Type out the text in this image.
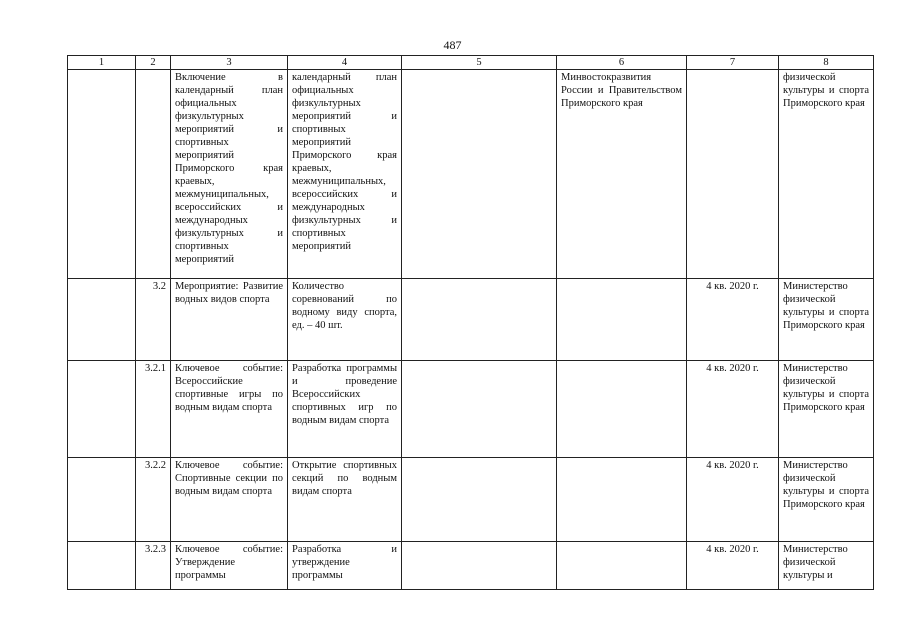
487
1	2	3	4	5	6	7	8
		Включение в календарный план официальных физкультурных мероприятий и спортивных мероприятий Приморского края краевых, межмуниципальных, всероссийских и международных физкультурных и спортивных мероприятий	календарный план официальных физкультурных мероприятий и спортивных мероприятий Приморского края краевых, межмуниципальных, всероссийских и международных физкультурных и спортивных мероприятий		Минвостокразвития России и Правительством Приморского края		физической культуры и спорта Приморского края
	3.2	Мероприятие: Развитие водных видов спорта	Количество соревнований по водному виду спорта, ед. – 40 шт.			4 кв. 2020 г.	Министерство физической культуры и спорта Приморского края
	3.2.1	Ключевое событие: Всероссийские спортивные игры по водным видам спорта	Разработка программы и проведение Всероссийских спортивных игр по водным видам спорта			4 кв. 2020 г.	Министерство физической культуры и спорта Приморского края
	3.2.2	Ключевое событие: Спортивные секции по водным видам спорта	Открытие спортивных секций по водным видам спорта			4 кв. 2020 г.	Министерство физической культуры и спорта Приморского края
	3.2.3	Ключевое событие: Утверждение программы	Разработка и утверждение программы			4 кв. 2020 г.	Министерство физической культуры и
